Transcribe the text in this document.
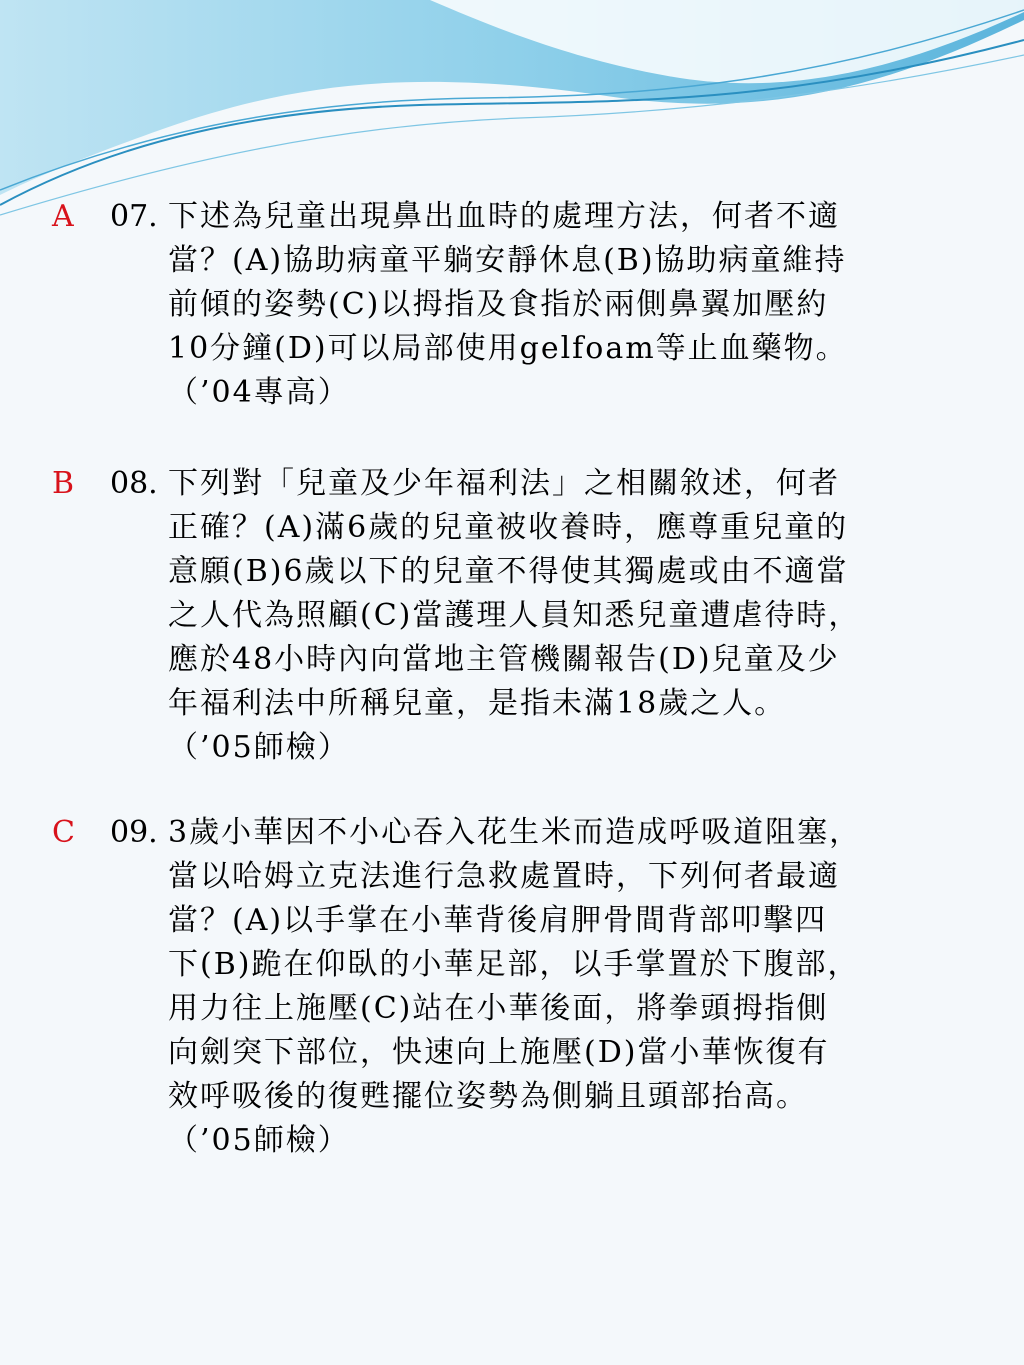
A 07. 下述為兒童出現鼻出血時的處理方法，何者不適
當？(A)協助病童平躺安靜休息(B)協助病童維持
前傾的姿勢(C)以拇指及食指於兩側鼻翼加壓約
10分鐘(D)可以局部使用gelfoam等止血藥物。
（’04專高）
B 08. 下列對「兒童及少年福利法」之相關敘述，何者
正確？(A)滿6歲的兒童被收養時，應尊重兒童的
意願(B)6歲以下的兒童不得使其獨處或由不適當
之人代為照顧(C)當護理人員知悉兒童遭虐待時，
應於48小時內向當地主管機關報告(D)兒童及少
年福利法中所稱兒童，是指未滿18歲之人。
（’05師檢）
C 09. 3歲小華因不小心吞入花生米而造成呼吸道阻塞，
當以哈姆立克法進行急救處置時，下列何者最適
當？(A)以手掌在小華背後肩胛骨間背部叩擊四
下(B)跪在仰臥的小華足部，以手掌置於下腹部，
用力往上施壓(C)站在小華後面，將拳頭拇指側
向劍突下部位，快速向上施壓(D)當小華恢復有
效呼吸後的復甦擺位姿勢為側躺且頭部抬高。
（’05師檢）
